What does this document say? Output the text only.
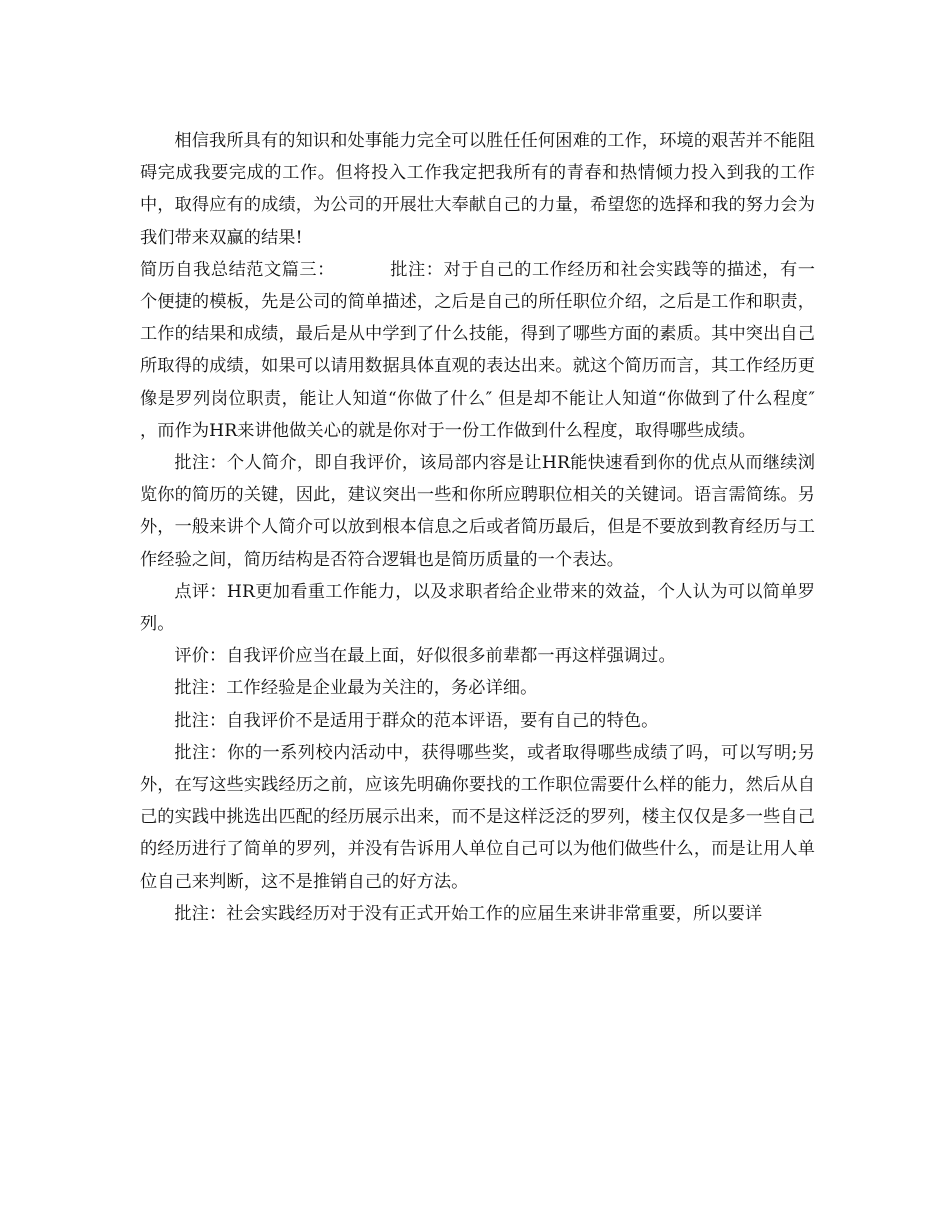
相信我所具有的知识和处事能力完全可以胜任任何困难的工作，环境的艰苦并不能阻碍完成我要完成的工作。但将投入工作我定把我所有的青春和热情倾力投入到我的工作中，取得应有的成绩，为公司的开展壮大奉献自己的力量，希望您的选择和我的努力会为我们带来双赢的结果!

简历自我总结范文篇三：	批注：对于自己的工作经历和社会实践等的描述，有一个便捷的模板，先是公司的简单描述，之后是自己的所任职位介绍，之后是工作和职责，工作的结果和成绩，最后是从中学到了什么技能，得到了哪些方面的素质。其中突出自己所取得的成绩，如果可以请用数据具体直观的表达出来。就这个简历而言，其工作经历更像是罗列岗位职责，能让人知道“你做了什么″ 但是却不能让人知道“你做到了什么程度″ ，而作为HR来讲他做关心的就是你对于一份工作做到什么程度，取得哪些成绩。

批注：个人简介，即自我评价，该局部内容是让HR能快速看到你的优点从而继续浏览你的简历的关键，因此，建议突出一些和你所应聘职位相关的关键词。语言需简练。另外，一般来讲个人简介可以放到根本信息之后或者简历最后，但是不要放到教育经历与工作经验之间，简历结构是否符合逻辑也是简历质量的一个表达。

点评：HR更加看重工作能力，以及求职者给企业带来的效益，个人认为可以简单罗列。

评价：自我评价应当在最上面，好似很多前辈都一再这样强调过。

批注：工作经验是企业最为关注的，务必详细。

批注：自我评价不是适用于群众的范本评语，要有自己的特色。

批注：你的一系列校内活动中，获得哪些奖，或者取得哪些成绩了吗，可以写明;另外，在写这些实践经历之前，应该先明确你要找的工作职位需要什么样的能力，然后从自己的实践中挑选出匹配的经历展示出来，而不是这样泛泛的罗列，楼主仅仅是多一些自己的经历进行了简单的罗列，并没有告诉用人单位自己可以为他们做些什么，而是让用人单位自己来判断，这不是推销自己的好方法。

批注：社会实践经历对于没有正式开始工作的应届生来讲非常重要，所以要详
